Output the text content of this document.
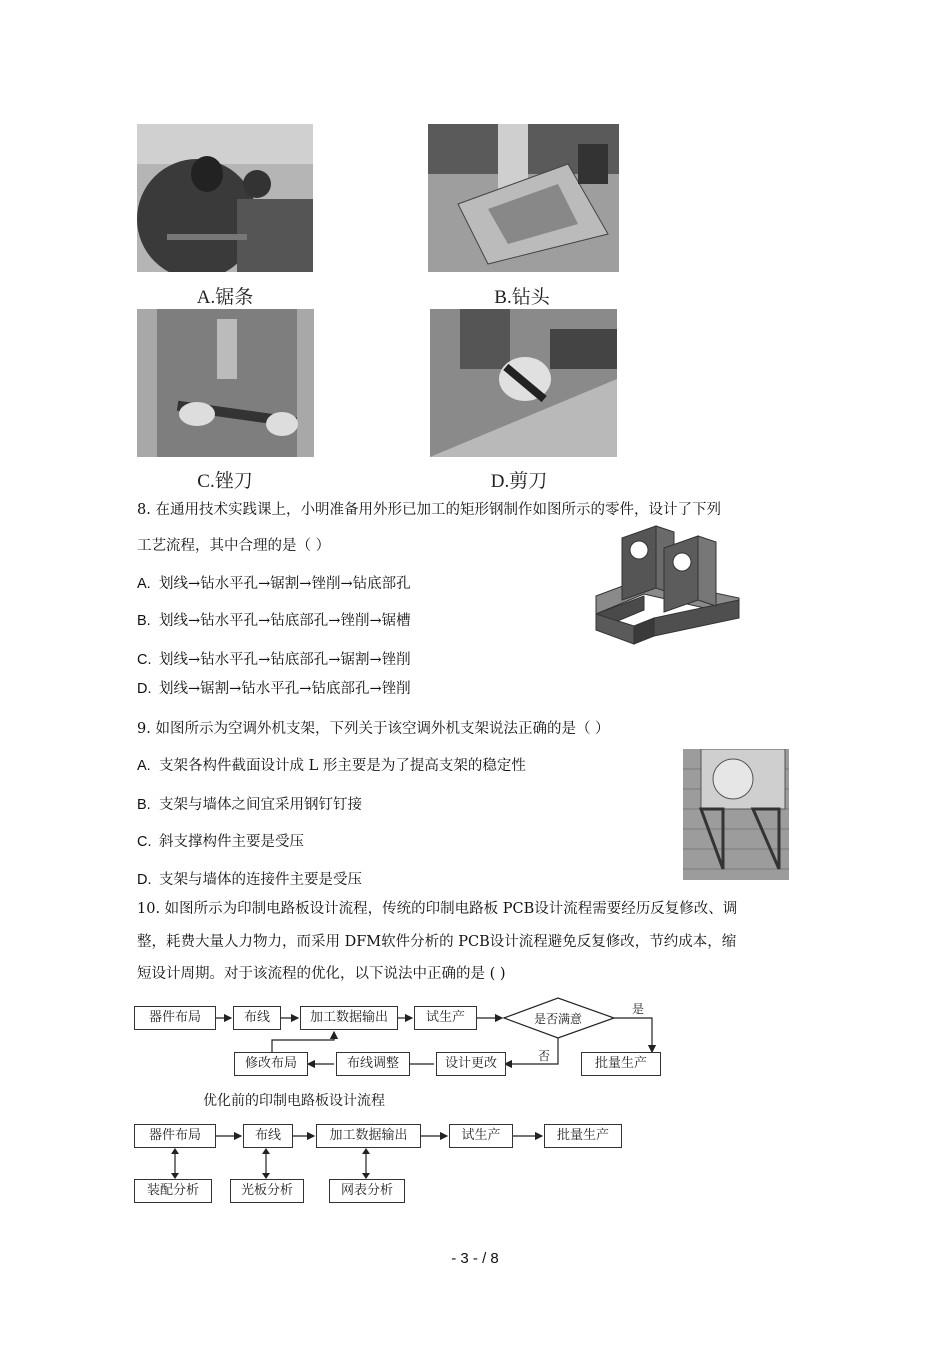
A.锯条	B.钻头
C.锉刀	D.剪刀
8. 在通用技术实践课上，小明准备用外形已加工的矩形钢制作如图所示的零件，设计了下列
工艺流程，其中合理的是（ ）
A. 划线→钻水平孔→锯割→锉削→钻底部孔
B. 划线→钻水平孔→钻底部孔→锉削→锯槽
C. 划线→钻水平孔→钻底部孔→锯割→锉削
D. 划线→锯割→钻水平孔→钻底部孔→锉削
9. 如图所示为空调外机支架，下列关于该空调外机支架说法正确的是（ ）
A. 支架各构件截面设计成 L 形主要是为了提高支架的稳定性
B. 支架与墙体之间宜采用钢钉钉接
C. 斜支撑构件主要是受压
D. 支架与墙体的连接件主要是受压
10. 如图所示为印制电路板设计流程，传统的印制电路板 PCB设计流程需要经历反复修改、调
整，耗费大量人力物力，而采用 DFM软件分析的 PCB设计流程避免反复修改，节约成本，缩
短设计周期。对于该流程的优化，以下说法中正确的是 ( )
器件布局	布线	加工数据输出	试生产	是否满意
是
否
修改布局	布线调整	设计更改	批量生产
优化前的印制电路板设计流程
器件布局	布线	加工数据输出	试生产	批量生产
装配分析	光板分析	网表分析
- 3 - / 8
